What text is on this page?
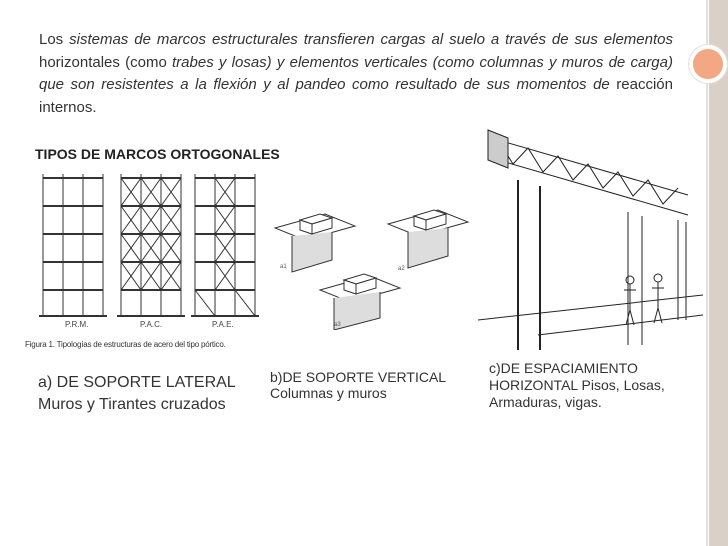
Los sistemas de marcos estructurales transfieren cargas al suelo a través de sus elementos horizontales (como trabes y losas) y elementos verticales (como columnas y muros de carga) que son resistentes a la flexión y al pandeo como resultado de sus momentos de reacción internos.
TIPOS DE MARCOS ORTOGONALES
P.R.M.	P.A.C.	P.A.E.
Figura 1. Tipologías de estructuras de acero del tipo pórtico.
a1	a2
a3
a) DE SOPORTE LATERAL
Muros y Tirantes cruzados
b)DE SOPORTE VERTICAL
Columnas y muros
c)DE ESPACIAMIENTO
HORIZONTAL Pisos, Losas,
Armaduras, vigas.
